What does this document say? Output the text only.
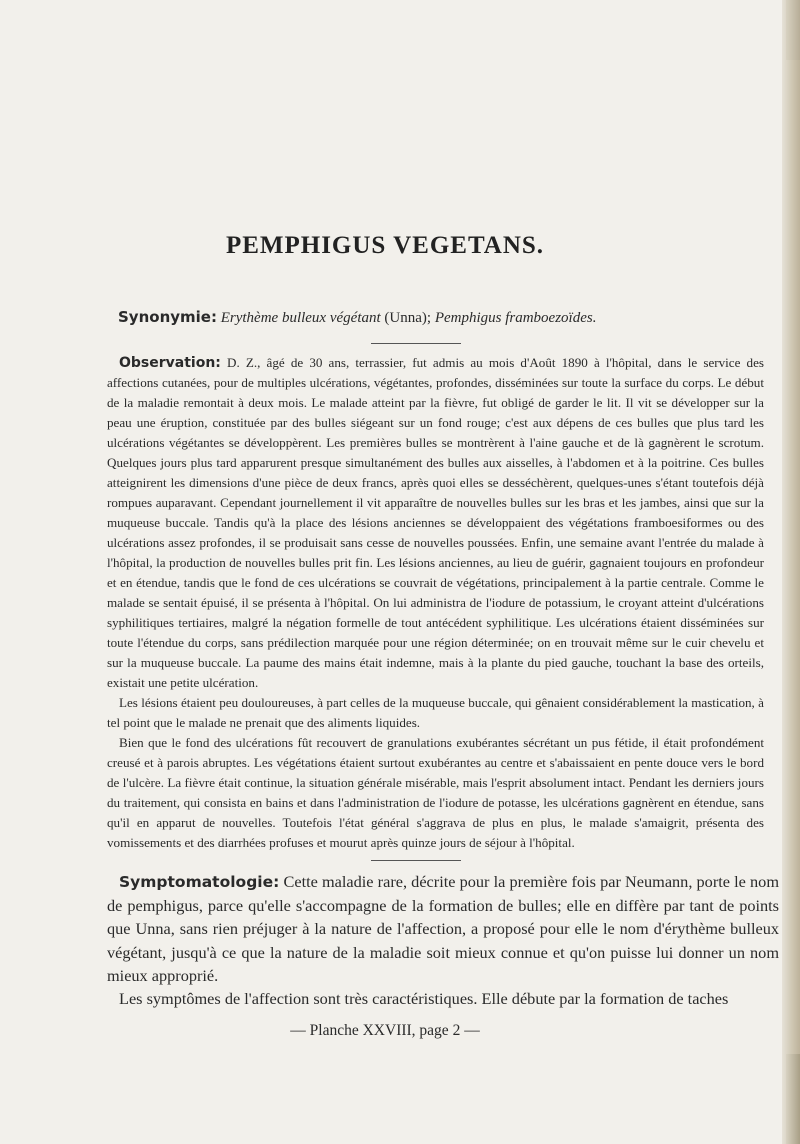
PEMPHIGUS VEGETANS.

Synonymie: Erythème bulleux végétant (Unna); Pemphigus framboezoïdes.

Observation: D. Z., âgé de 30 ans, terrassier, fut admis au mois d'Août 1890 à l'hôpital, dans le service des affections cutanées, pour de multiples ulcérations, végétantes, profondes, disséminées sur toute la surface du corps. Le début de la maladie remontait à deux mois. Le malade atteint par la fièvre, fut obligé de garder le lit. Il vit se développer sur la peau une éruption, constituée par des bulles siégeant sur un fond rouge; c'est aux dépens de ces bulles que plus tard les ulcérations végétantes se développèrent. Les premières bulles se montrèrent à l'aine gauche et de là gagnèrent le scrotum. Quelques jours plus tard apparurent presque simultanément des bulles aux aisselles, à l'abdomen et à la poitrine. Ces bulles atteignirent les dimensions d'une pièce de deux francs, après quoi elles se desséchèrent, quelques-unes s'étant toutefois déjà rompues auparavant. Cependant journellement il vit apparaître de nouvelles bulles sur les bras et les jambes, ainsi que sur la muqueuse buccale. Tandis qu'à la place des lésions anciennes se développaient des végétations framboesiformes ou des ulcérations assez profondes, il se produisait sans cesse de nouvelles poussées. Enfin, une semaine avant l'entrée du malade à l'hôpital, la production de nouvelles bulles prit fin. Les lésions anciennes, au lieu de guérir, gagnaient toujours en profondeur et en étendue, tandis que le fond de ces ulcérations se couvrait de végétations, principalement à la partie centrale. Comme le malade se sentait épuisé, il se présenta à l'hôpital. On lui administra de l'iodure de potassium, le croyant atteint d'ulcérations syphilitiques tertiaires, malgré la négation formelle de tout antécédent syphilitique. Les ulcérations étaient disséminées sur toute l'étendue du corps, sans prédilection marquée pour une région déterminée; on en trouvait même sur le cuir chevelu et sur la muqueuse buccale. La paume des mains était indemne, mais à la plante du pied gauche, touchant la base des orteils, existait une petite ulcération.

Les lésions étaient peu douloureuses, à part celles de la muqueuse buccale, qui gênaient considérablement la mastication, à tel point que le malade ne prenait que des aliments liquides.

Bien que le fond des ulcérations fût recouvert de granulations exubérantes sécrétant un pus fétide, il était profondément creusé et à parois abruptes. Les végétations étaient surtout exubérantes au centre et s'abaissaient en pente douce vers le bord de l'ulcère. La fièvre était continue, la situation générale misérable, mais l'esprit absolument intact. Pendant les derniers jours du traitement, qui consista en bains et dans l'administration de l'iodure de potasse, les ulcérations gagnèrent en étendue, sans qu'il en apparut de nouvelles. Toutefois l'état général s'aggrava de plus en plus, le malade s'amaigrit, présenta des vomissements et des diarrhées profuses et mourut après quinze jours de séjour à l'hôpital.

Symptomatologie: Cette maladie rare, décrite pour la première fois par Neumann, porte le nom de pemphigus, parce qu'elle s'accompagne de la formation de bulles; elle en diffère par tant de points que Unna, sans rien préjuger à la nature de l'affection, a proposé pour elle le nom d'érythème bulleux végétant, jusqu'à ce que la nature de la maladie soit mieux connue et qu'on puisse lui donner un nom mieux approprié.

Les symptômes de l'affection sont très caractéristiques. Elle débute par la formation de taches

— Planche XXVIII, page 2 —
